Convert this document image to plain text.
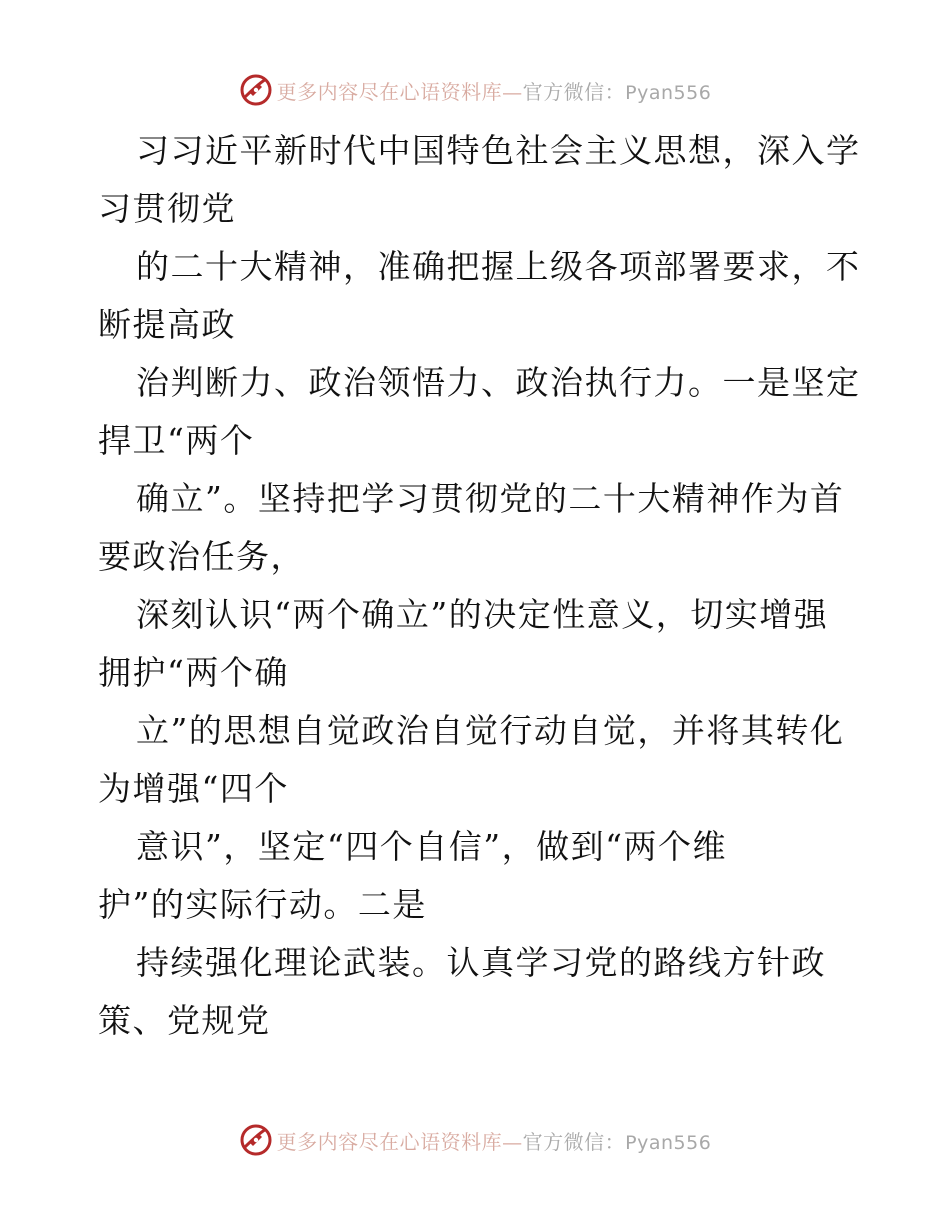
更多内容尽在心语资料库 — 官方微信： Pyan556
习习近平新时代中国特色社会主义思想，深入学
习贯彻党
的二十大精神，准确把握上级各项部署要求，不
断提高政
治判断力、政治领悟力、政治执行力。一是坚定
捍卫“两个
确立”。坚持把学习贯彻党的二十大精神作为首
要政治任务，
深刻认识“两个确立”的决定性意义，切实增强
拥护“两个确
立”的思想自觉政治自觉行动自觉，并将其转化
为增强“四个
意识”，坚定“四个自信”，做到“两个维
护”的实际行动。二是
持续强化理论武装。认真学习党的路线方针政
策、党规党
更多内容尽在心语资料库 — 官方微信： Pyan556
